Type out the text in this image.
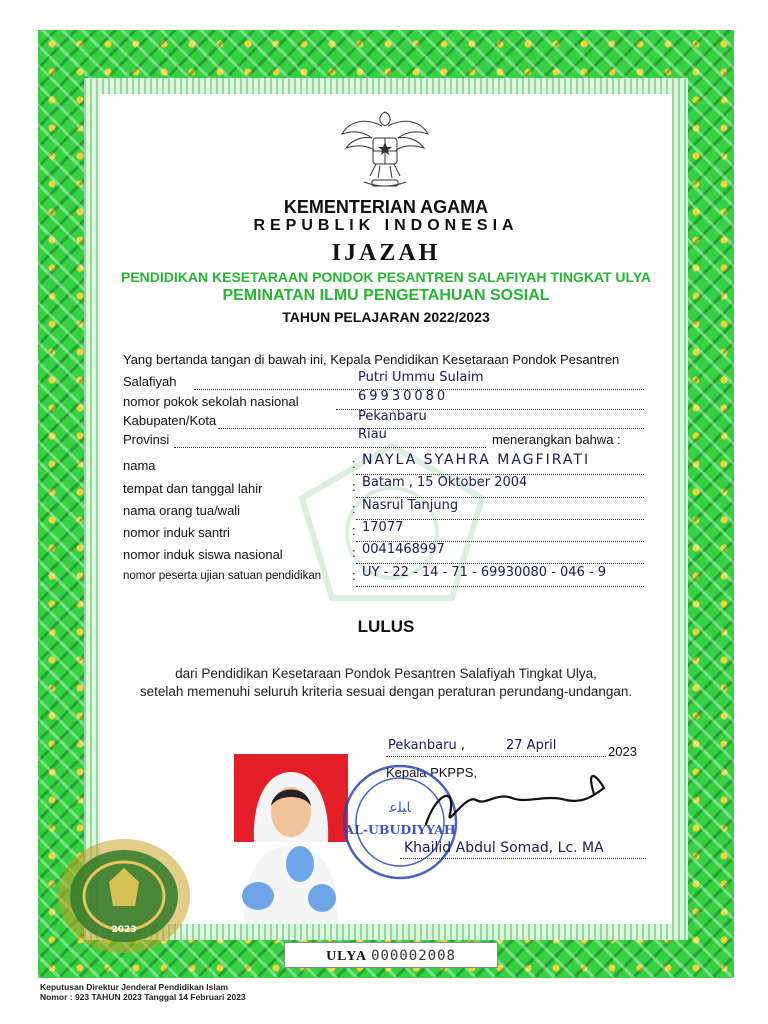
KEMENTERIAN AGAMA
REPUBLIK INDONESIA
IJAZAH
PENDIDIKAN KESETARAAN PONDOK PESANTREN SALAFIYAH TINGKAT ULYA
PEMINATAN ILMU PENGETAHUAN SOSIAL
TAHUN PELAJARAN 2022/2023
Yang bertanda tangan di bawah ini, Kepala Pendidikan Kesetaraan Pondok Pesantren
Salafiyah	Putri Ummu Sulaim
nomor pokok sekolah nasional	69930080
Kabupaten/Kota	Pekanbaru
Provinsi	Riau	menerangkan bahwa :
nama	: NAYLA SYAHRA MAGFIRATI
tempat dan tanggal lahir	: Batam , 15 Oktober 2004
nama orang tua/wali	: Nasrul Tanjung
nomor induk santri	: 17077
nomor induk siswa nasional	: 0041468997
nomor peserta ujian satuan pendidikan : UY - 22 - 14 - 71 - 69930080 - 046 - 9
LULUS
dari Pendidikan Kesetaraan Pondok Pesantren Salafiyah Tingkat Ulya,
setelah memenuhi seluruh kriteria sesuai dengan peraturan perundang-undangan.
Pekanbaru ,	27 April	2023
Kepala PKPPS,
ﺎﻴﻠﻋ
AL-UBUDIYYAH
Khailid Abdul Somad, Lc. MA
2023
ULYA 000002008
Keputusan Direktur Jenderal Pendidikan Islam
Nomor : 923 TAHUN 2023 Tanggal 14 Februari 2023
